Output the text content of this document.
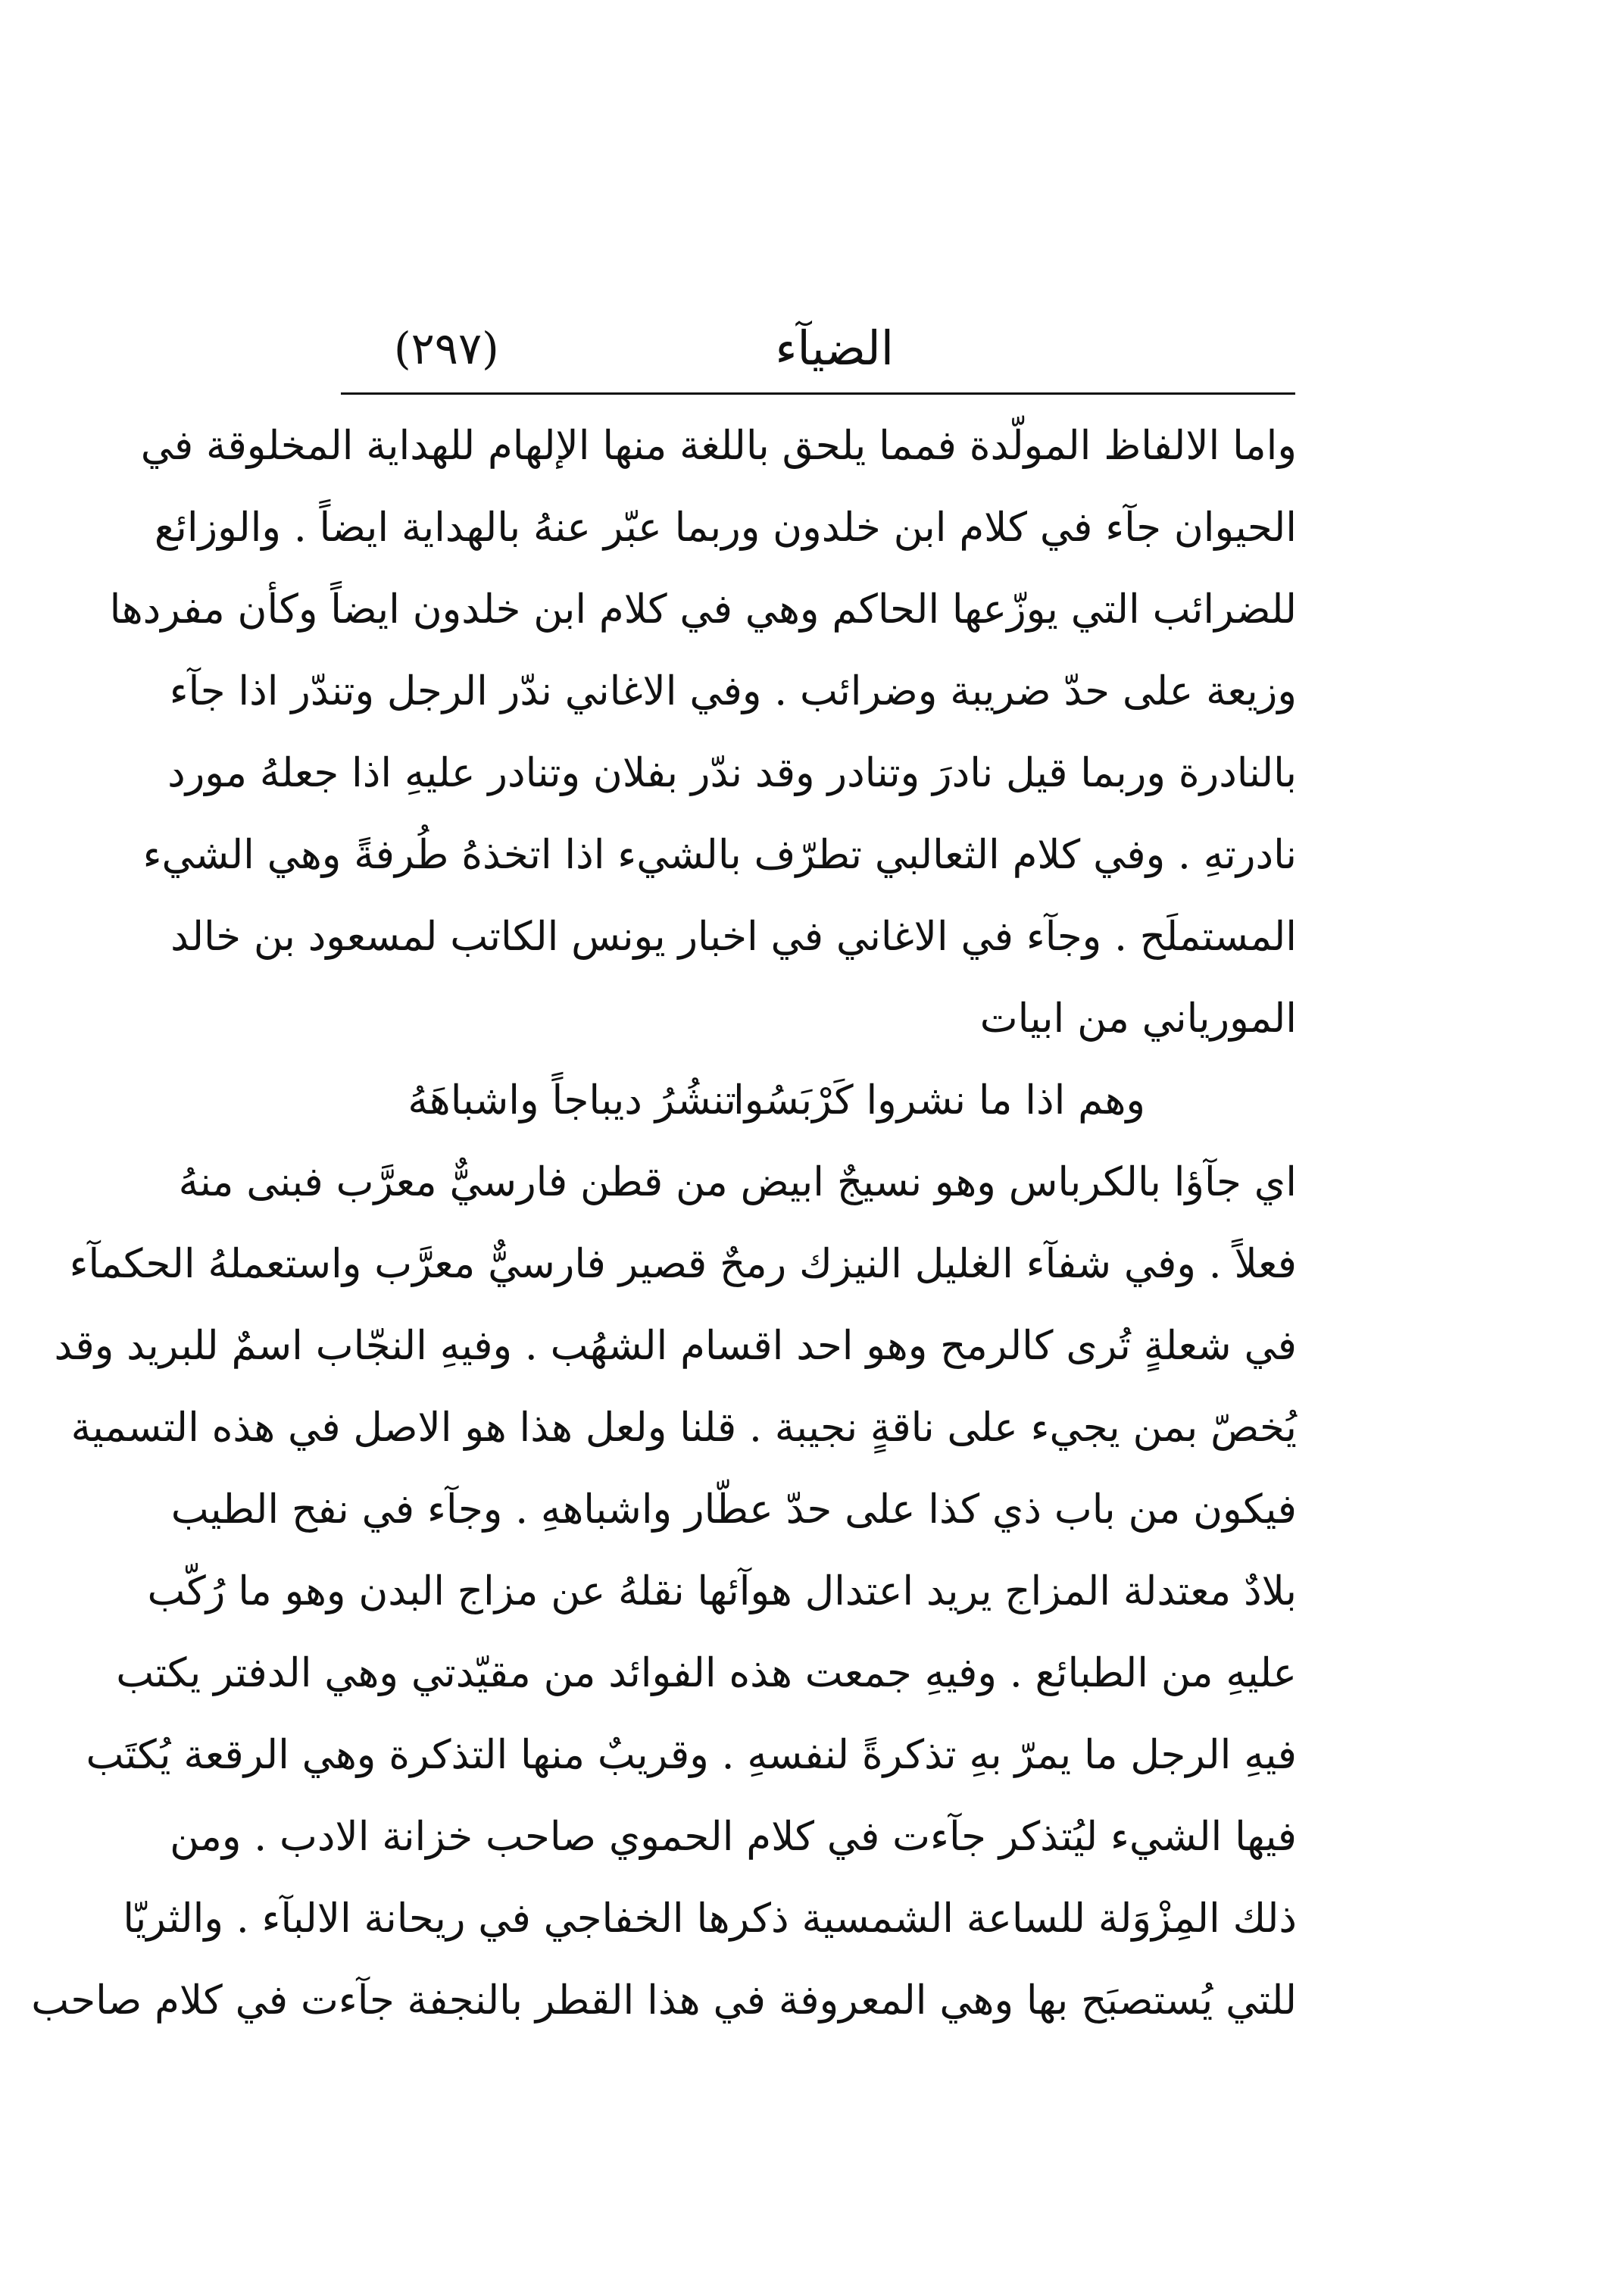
الضيآء
(٢٩٧)
واما الالفاظ المولّدة فمما يلحق باللغة منها الإلهام للهداية المخلوقة في
الحيوان جآء في كلام ابن خلدون وربما عبّر عنهُ بالهداية ايضاً . والوزائع
للضرائب التي يوزّعها الحاكم وهي في كلام ابن خلدون ايضاً وكأن مفردها
وزيعة على حدّ ضريبة وضرائب . وفي الاغاني ندّر الرجل وتندّر اذا جآء
بالنادرة وربما قيل نادرَ وتنادر وقد ندّر بفلان وتنادر عليهِ اذا جعلهُ مورد
نادرتهِ . وفي كلام الثعالبي تطرّف بالشيء اذا اتخذهُ طُرفةً وهي الشيء
المستملَح . وجآء في الاغاني في اخبار يونس الكاتب لمسعود بن خالد
المورياني من ابيات
وهم اذا ما نشروا كَرْبَسُوا
تنشُرُ ديباجاً واشباهَهُ
اي جآؤا بالكرباس وهو نسيجٌ ابيض من قطن فارسيٌّ معرَّب فبنى منهُ
فعلاً . وفي شفآء الغليل النيزك رمحٌ قصير فارسيٌّ معرَّب واستعملهُ الحكمآء
في شعلةٍ تُرى كالرمح وهو احد اقسام الشهُب . وفيهِ النجّاب اسمٌ للبريد وقد
يُخصّ بمن يجيء على ناقةٍ نجيبة . قلنا ولعل هذا هو الاصل في هذه التسمية
فيكون من باب ذي كذا على حدّ عطّار واشباههِ . وجآء في نفح الطيب
بلادٌ معتدلة المزاج يريد اعتدال هوآئها نقلهُ عن مزاج البدن وهو ما رُكّب
عليهِ من الطبائع . وفيهِ جمعت هذه الفوائد من مقيّدتي وهي الدفتر يكتب
فيهِ الرجل ما يمرّ بهِ تذكرةً لنفسهِ . وقريبٌ منها التذكرة وهي الرقعة يُكتَب
فيها الشيء ليُتذكر جآءت في كلام الحموي صاحب خزانة الادب . ومن
ذلك المِزْوَلة للساعة الشمسية ذكرها الخفاجي في ريحانة الالبآء . والثريّا
للتي يُستصبَح بها وهي المعروفة في هذا القطر بالنجفة جآءت في كلام صاحب
